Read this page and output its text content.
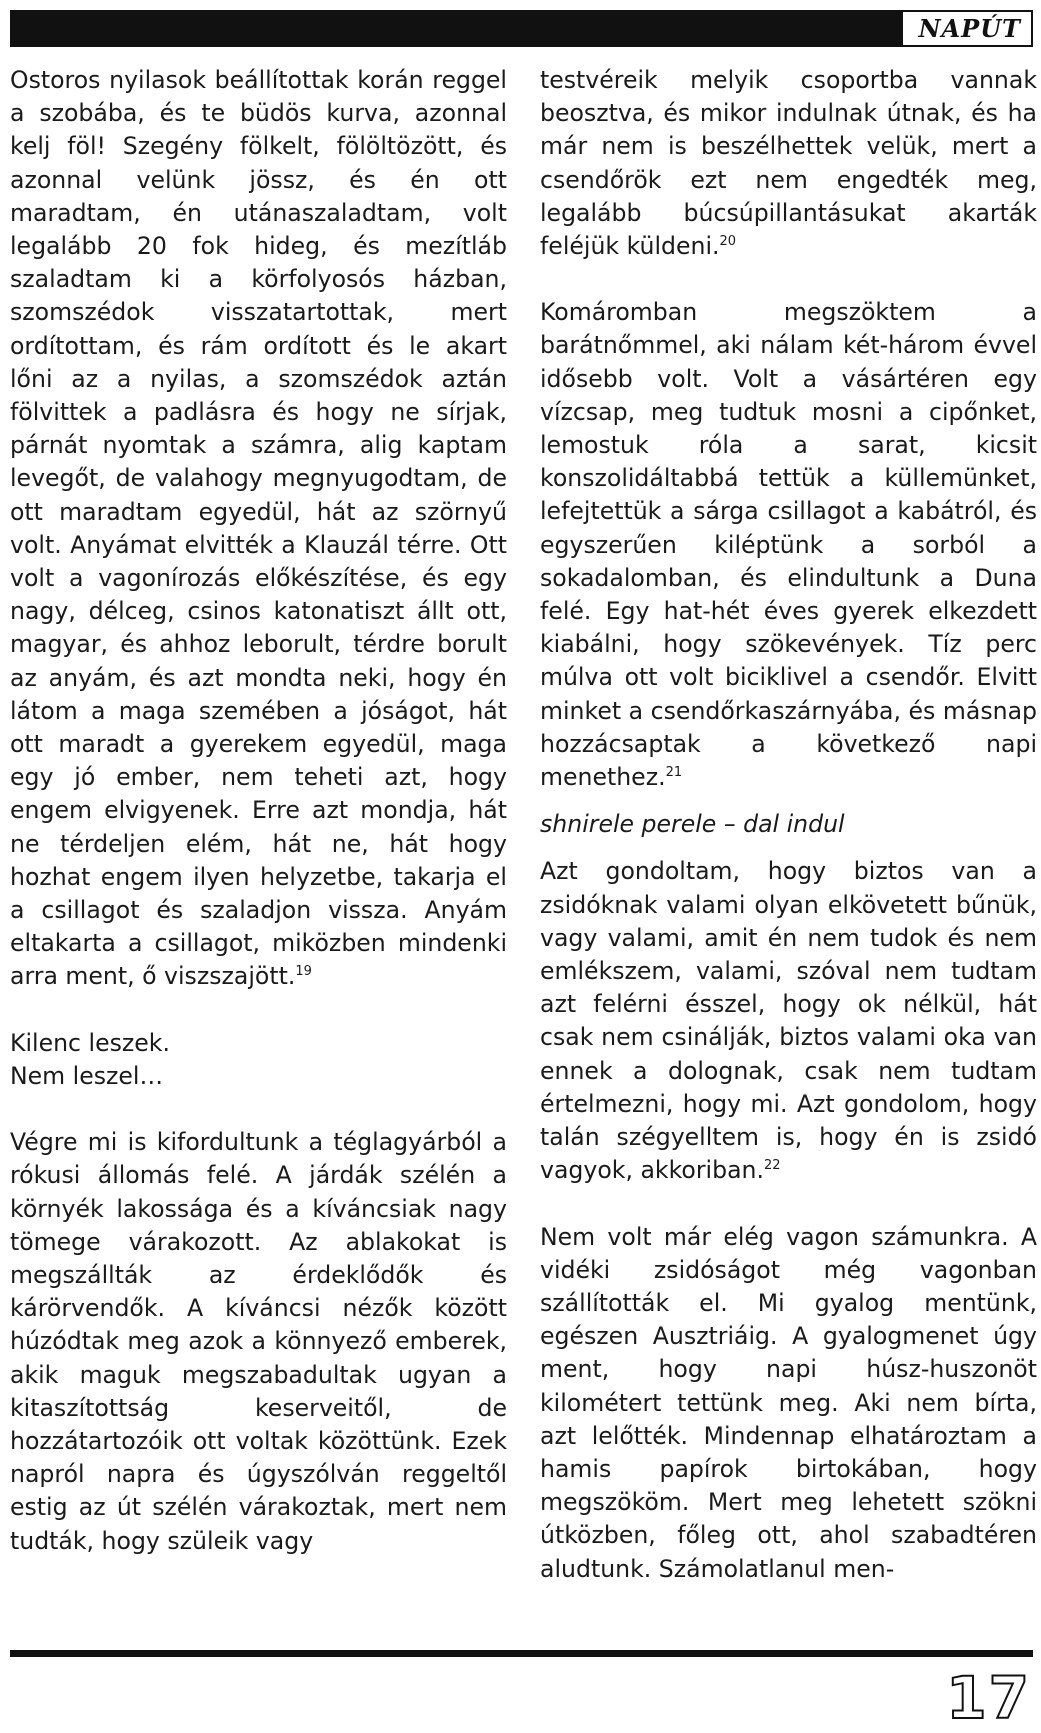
NAPÚT

Ostoros nyilasok beállítottak korán reggel a szobába, és te büdös kurva, azonnal kelj föl! Szegény fölkelt, fölöltözött, és azonnal velünk jössz, és én ott maradtam, én utánaszaladtam, volt legalább 20 fok hideg, és mezítláb szaladtam ki a körfolyosós házban, szomszédok visszatartottak, mert ordítottam, és rám ordított és le akart lőni az a nyilas, a szomszédok aztán fölvittek a padlásra és hogy ne sírjak, párnát nyomtak a számra, alig kaptam levegőt, de valahogy megnyugodtam, de ott maradtam egyedül, hát az szörnyű volt. Anyámat elvitték a Klauzál térre. Ott volt a vagonírozás előkészítése, és egy nagy, délceg, csinos katonatiszt állt ott, magyar, és ahhoz leborult, térdre borult az anyám, és azt mondta neki, hogy én látom a maga szemében a jóságot, hát ott maradt a gyerekem egyedül, maga egy jó ember, nem teheti azt, hogy engem elvigyenek. Erre azt mondja, hát ne térdeljen elém, hát ne, hát hogy hozhat engem ilyen helyzetbe, takarja el a csillagot és szaladjon vissza. Anyám eltakarta a csillagot, miközben mindenki arra ment, ő viszszajött.$^{19}$

Kilenc leszek.

Nem leszel…

Végre mi is kifordultunk a téglagyárból a rókusi állomás felé. A járdák szélén a környék lakossága és a kíváncsiak nagy tömege várakozott. Az ablakokat is megszállták az érdeklődők és kárörvendők. A kíváncsi nézők között húzódtak meg azok a könnyező emberek, akik maguk megszabadultak ugyan a kitaszítottság keserveitől, de hozzátartozóik ott voltak közöttünk. Ezek napról napra és úgyszólván reggeltől estig az út szélén várakoztak, mert nem tudták, hogy szüleik vagy

testvéreik melyik csoportba vannak beosztva, és mikor indulnak útnak, és ha már nem is beszélhettek velük, mert a csendőrök ezt nem engedték meg, legalább búcsúpillantásukat akarták feléjük küldeni.$^{20}$

Komáromban megszöktem a barátnőmmel, aki nálam két-három évvel idősebb volt. Volt a vásártéren egy vízcsap, meg tudtuk mosni a cipőnket, lemostuk róla a sarat, kicsit konszolidáltabbá tettük a küllemünket, lefejtettük a sárga csillagot a kabátról, és egyszerűen kiléptünk a sorból a sokadalomban, és elindultunk a Duna felé. Egy hat-hét éves gyerek elkezdett kiabálni, hogy szökevények. Tíz perc múlva ott volt biciklivel a csendőr. Elvitt minket a csendőrkaszárnyába, és másnap hozzácsaptak a következő napi menethez.$^{21}$

shnirele perele – dal indul

Azt gondoltam, hogy biztos van a zsidóknak valami olyan elkövetett bűnük, vagy valami, amit én nem tudok és nem emlékszem, valami, szóval nem tudtam azt felérni ésszel, hogy ok nélkül, hát csak nem csinálják, biztos valami oka van ennek a dolognak, csak nem tudtam értelmezni, hogy mi. Azt gondolom, hogy talán szégyelltem is, hogy én is zsidó vagyok, akkoriban.$^{22}$

Nem volt már elég vagon számunkra. A vidéki zsidóságot még vagonban szállították el. Mi gyalog mentünk, egészen Ausztriáig. A gyalogmenet úgy ment, hogy napi húsz-huszonöt kilométert tettünk meg. Aki nem bírta, azt lelőtték. Mindennap elhatároztam a hamis papírok birtokában, hogy megszököm. Mert meg lehetett szökni útközben, főleg ott, ahol szabadtéren aludtunk. Számolatlanul men-

17
